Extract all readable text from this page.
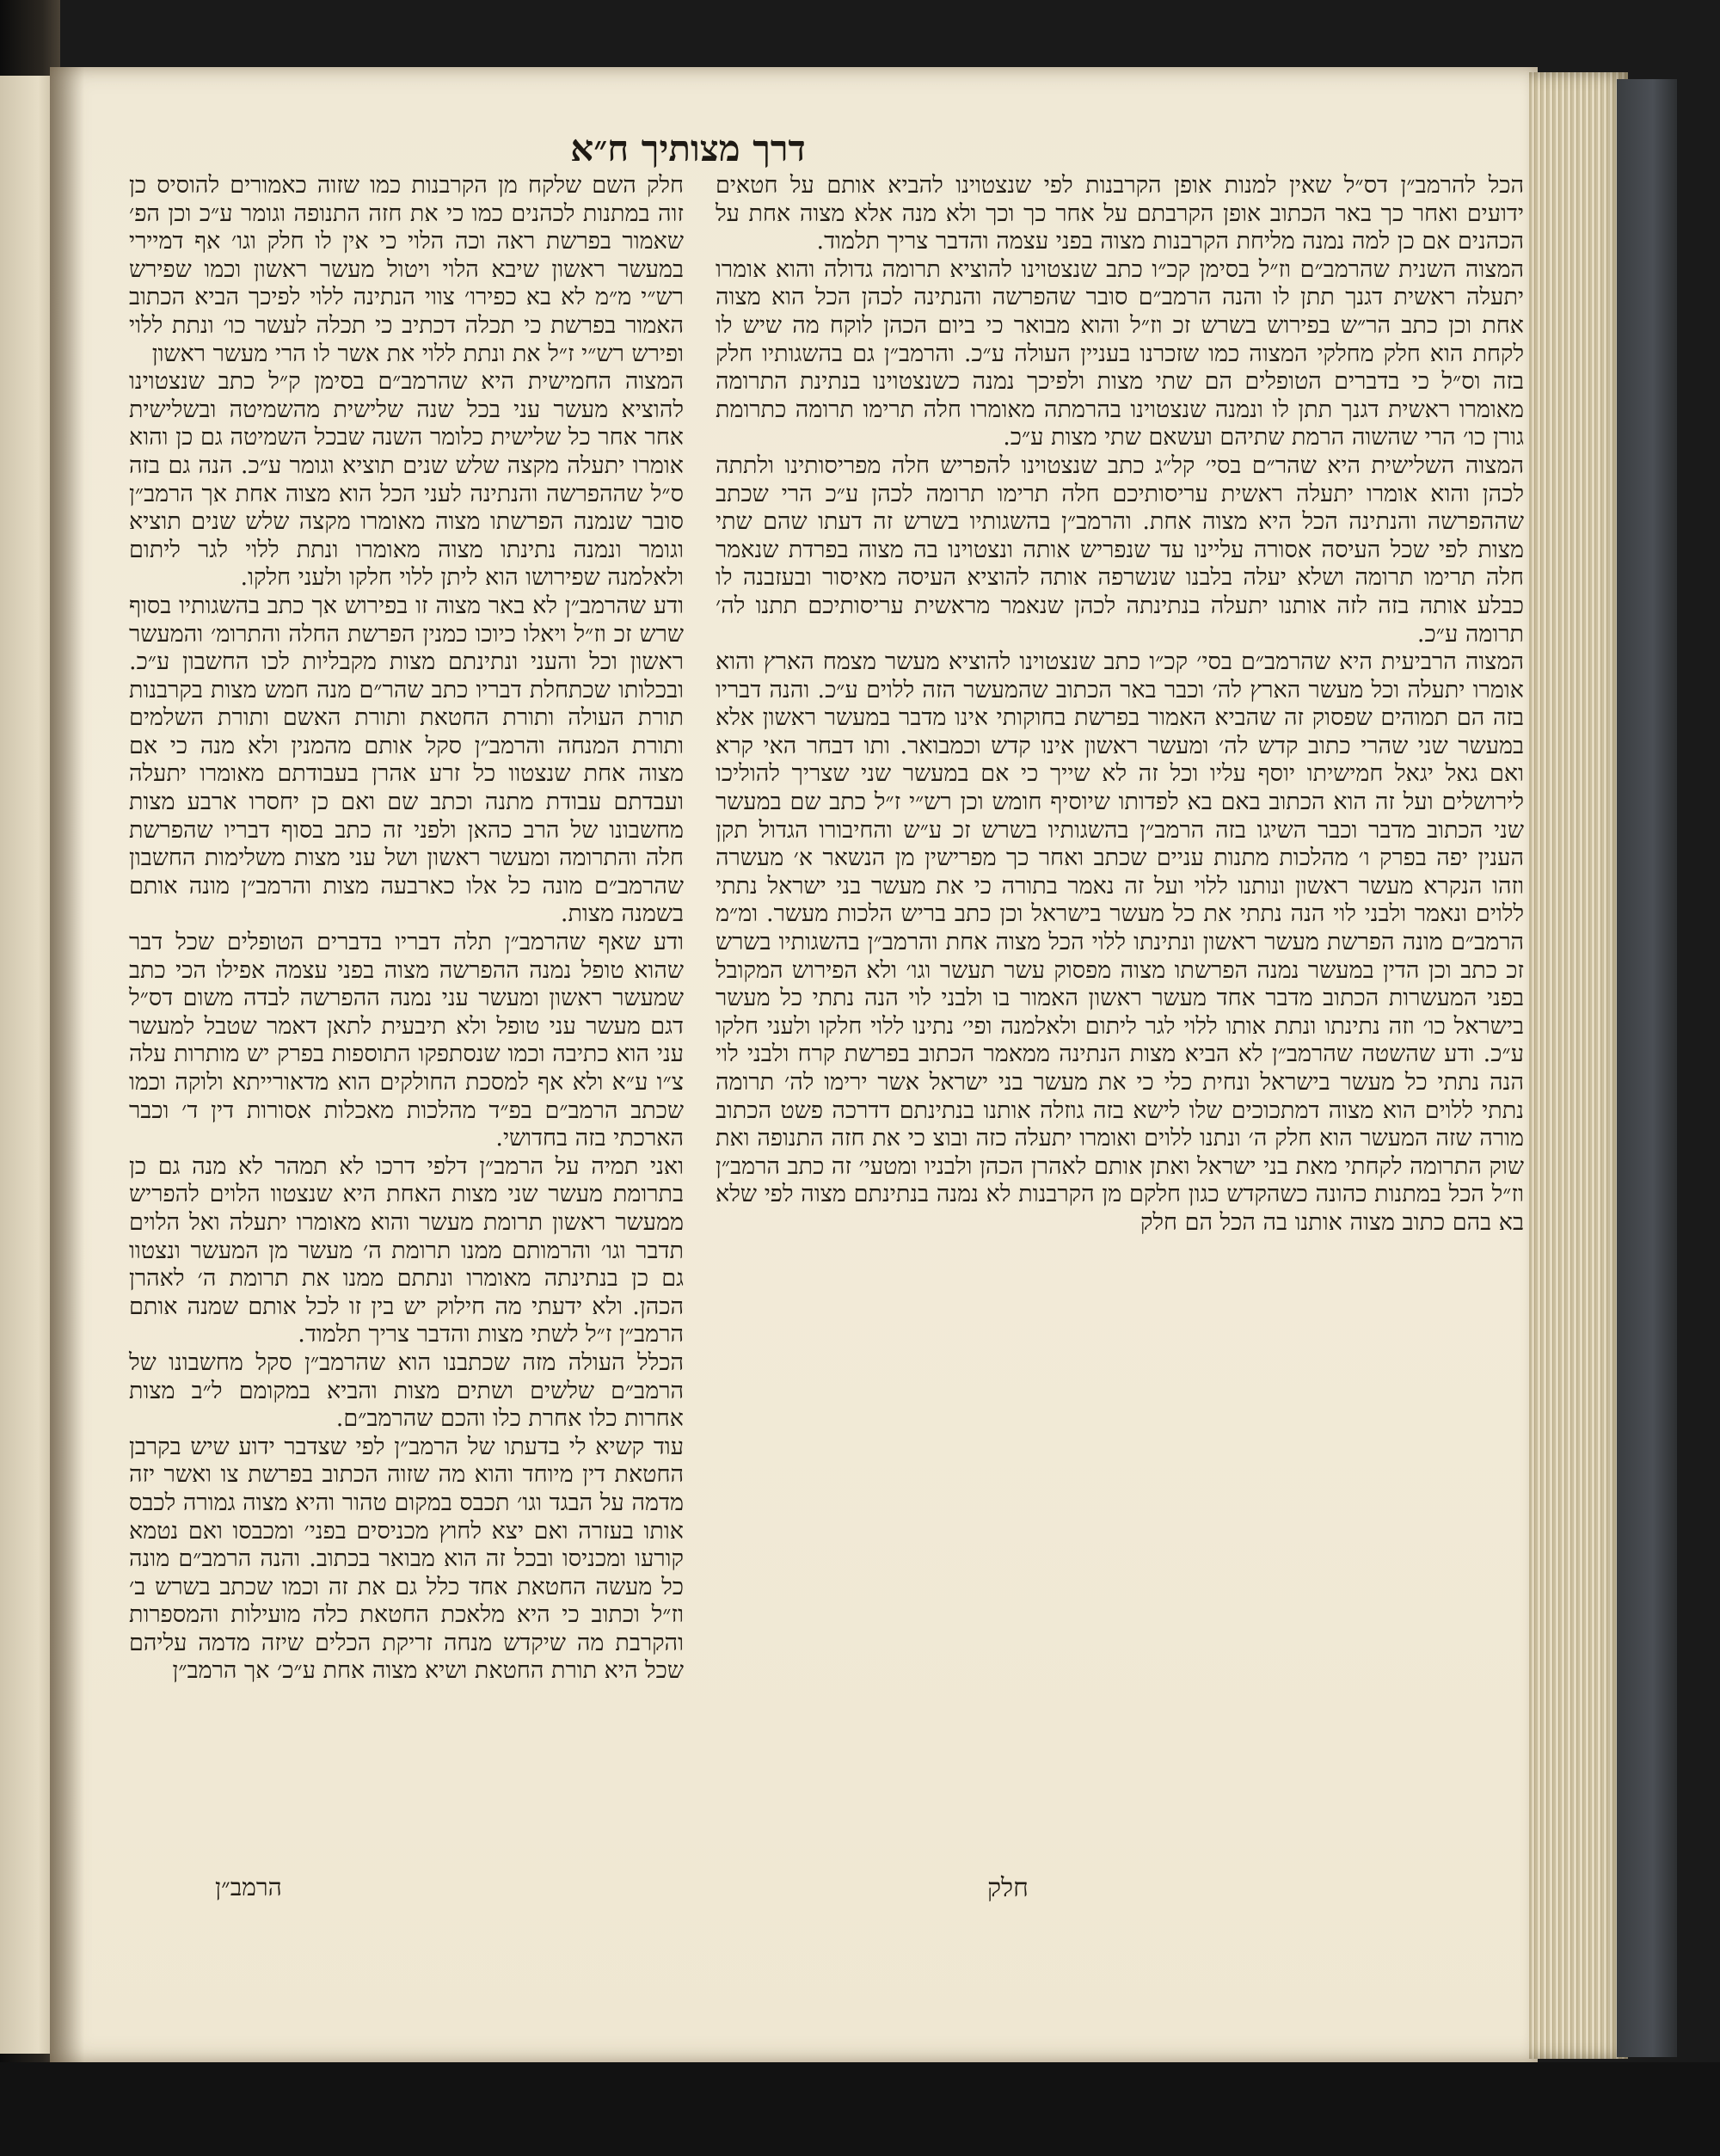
דרך מצותיך ח״א

הכל להרמב״ן דס״ל שאין למנות אופן הקרבנות לפי שנצטוינו להביא אותם על חטאים ידועים ואחר כך באר הכתוב אופן הקרבתם על אחר כך וכך ולא מנה אלא מצוה אחת על הכהנים אם כן למה נמנה מליחת הקרבנות מצוה בפני עצמה והדבר צריך תלמוד.

המצוה השנית שהרמב״ם וז״ל בסימן קכ״ו כתב שנצטוינו להוציא תרומה גדולה והוא אומרו יתעלה ראשית דגנך תתן לו והנה הרמב״ם סובר שהפרשה והנתינה לכהן הכל הוא מצוה אחת וכן כתב הר״ש בפירוש בשרש זכ וז״ל והוא מבואר כי ביום הכהן לוקח מה שיש לו לקחת הוא חלק מחלקי המצוה כמו שזכרנו בעניין העולה ע״כ. והרמב״ן גם בהשגותיו חלק בזה וס״ל כי בדברים הטופלים הם שתי מצות ולפיכך נמנה כשנצטוינו בנתינת התרומה מאומרו ראשית דגנך תתן לו ונמנה שנצטוינו בהרמתה מאומרו חלה תרימו תרומה כתרומת גורן כו׳ הרי שהשוה הרמת שתיהם ועשאם שתי מצות ע״כ.

המצוה השלישית היא שהר״ם בסי׳ קל״ג כתב שנצטוינו להפריש חלה מפריסותינו ולתתה לכהן והוא אומרו יתעלה ראשית עריסותיכם חלה תרימו תרומה לכהן ע״כ הרי שכתב שההפרשה והנתינה הכל היא מצוה אחת. והרמב״ן בהשגותיו בשרש זה דעתו שהם שתי מצות לפי שכל העיסה אסורה עליינו עד שנפריש אותה ונצטוינו בה מצוה בפרדת שנאמר חלה תרימו תרומה ושלא יעלה בלבנו שנשרפה אותה להוציא העיסה מאיסור ובעזבנה לו כבלע אותה בזה לזה אותנו יתעלה בנתינתה לכהן שנאמר מראשית עריסותיכם תתנו לה׳ תרומה ע״כ.

המצוה הרביעית היא שהרמב״ם בסי׳ קכ״ו כתב שנצטוינו להוציא מעשר מצמח הארץ והוא אומרו יתעלה וכל מעשר הארץ לה׳ וכבר באר הכתוב שהמעשר הזה ללוים ע״כ. והנה דבריו בזה הם תמוהים שפסוק זה שהביא האמור בפרשת בחוקותי אינו מדבר במעשר ראשון אלא במעשר שני שהרי כתוב קדש לה׳ ומעשר ראשון אינו קדש וכמבואר. ותו דבחר האי קרא ואם גאל יגאל חמישיתו יוסף עליו וכל זה לא שייך כי אם במעשר שני שצריך להוליכו לירושלים ועל זה הוא הכתוב באם בא לפדותו שיוסיף חומש וכן רש״י ז״ל כתב שם במעשר שני הכתוב מדבר וכבר השיגו בזה הרמב״ן בהשגותיו בשרש זכ ע״ש והחיבורו הגדול תקן הענין יפה בפרק ו׳ מהלכות מתנות עניים שכתב ואחר כך מפרישין מן הנשאר א׳ מעשרה וזהו הנקרא מעשר ראשון ונותנו ללוי ועל זה נאמר בתורה כי את מעשר בני ישראל נתתי ללוים ונאמר ולבני לוי הנה נתתי את כל מעשר בישראל וכן כתב בריש הלכות מעשר. ומ״מ הרמב״ם מונה הפרשת מעשר ראשון ונתינתו ללוי הכל מצוה אחת והרמב״ן בהשגותיו בשרש זכ כתב וכן הדין במעשר נמנה הפרשתו מצוה מפסוק עשר תעשר וגו׳ ולא הפירוש המקובל בפני המעשרות הכתוב מדבר אחד מעשר ראשון האמור בו ולבני לוי הנה נתתי כל מעשר בישראל כו׳ וזה נתינתו ונתת אותו ללוי לגר ליתום ולאלמנה ופי׳ נתינו ללוי חלקו ולעני חלקו ע״כ. ודע שהשטה שהרמב״ן לא הביא מצות הנתינה ממאמר הכתוב בפרשת קרח ולבני לוי הנה נתתי כל מעשר בישראל ונחית כלי כי את מעשר בני ישראל אשר ירימו לה׳ תרומה נתתי ללוים הוא מצוה דמתכוכים שלו לישא בזה גוזלה אותנו בנתינתם דדרכה פשט הכתוב מורה שזה המעשר הוא חלק ה׳ ונתנו ללוים ואומרו יתעלה כזה ובוצ כי את חזה התנופה ואת שוק התרומה לקחתי מאת בני ישראל ואתן אותם לאהרן הכהן ולבניו ומטעי׳ זה כתב הרמב״ן וז״ל הכל במתנות כהונה כשהקדש כגון חלקם מן הקרבנות לא נמנה בנתינתם מצוה לפי שלא בא בהם כתוב מצוה אותנו בה הכל הם חלק

חלק השם שלקח מן הקרבנות כמו שזוה כאמורים להוסיס כן זוה במתנות לכהנים כמו כי את חזה התנופה וגומר ע״כ וכן הפ׳ שאמור בפרשת ראה וכה הלוי כי אין לו חלק וגו׳ אף דמיירי במעשר ראשון שיבא הלוי ויטול מעשר ראשון וכמו שפירש רש״י מ״מ לא בא כפירו׳ צווי הנתינה ללוי לפיכך הביא הכתוב האמור בפרשת כי תכלה דכתיב כי תכלה לעשר כו׳ ונתת ללוי ופירש רש״י ז״ל את ונתת ללוי את אשר לו הרי מעשר ראשון

המצוה החמישית היא שהרמב״ם בסימן ק״ל כתב שנצטוינו להוציא מעשר עני בכל שנה שלישית מהשמיטה ובשלישית אחר אחר כל שלישית כלומר השנה שבכל השמיטה גם כן והוא אומרו יתעלה מקצה שלש שנים תוציא וגומר ע״כ. הנה גם בזה ס״ל שההפרשה והנתינה לעני הכל הוא מצוה אחת אך הרמב״ן סובר שנמנה הפרשתו מצוה מאומרו מקצה שלש שנים תוציא וגומר ונמנה נתינתו מצוה מאומרו ונתת ללוי לגר ליתום ולאלמנה שפירושו הוא ליתן ללוי חלקו ולעני חלקו.

ודע שהרמב״ן לא באר מצוה זו בפירוש אך כתב בהשגותיו בסוף שרש זכ וז״ל ויאלו כיוכו כמנין הפרשת החלה והתרומ׳ והמעשר ראשון וכל והעני ונתינתם מצות מקבליות לכו החשבון ע״כ. ובכלותו שכתחלת דבריו כתב שהר״ם מנה חמש מצות בקרבנות תורת העולה ותורת החטאת ותורת האשם ותורת השלמים ותורת המנחה והרמב״ן סקל אותם מהמנין ולא מנה כי אם מצוה אחת שנצטוו כל זרע אהרן בעבודתם מאומרו יתעלה ועבדתם עבודת מתנה וכתב שם ואם כן יחסרו ארבע מצות מחשבונו של הרב כהאן ולפני זה כתב בסוף דבריו שהפרשת חלה והתרומה ומעשר ראשון ושל עני מצות משלימות החשבון שהרמב״ם מונה כל אלו כארבעה מצות והרמב״ן מונה אותם בשמנה מצות.

ודע שאף שהרמב״ן תלה דבריו בדברים הטופלים שכל דבר שהוא טופל נמנה ההפרשה מצוה בפני עצמה אפילו הכי כתב שמעשר ראשון ומעשר עני נמנה ההפרשה לבדה משום דס״ל דגם מעשר עני טופל ולא תיבעית לתאן דאמר שטבל למעשר עני הוא כתיבה וכמו שנסתפקו התוספות בפרק יש מותרות עלה צ״ו ע״א ולא אף למסכת החולקים הוא מדאורייתא ולוקה וכמו שכתב הרמב״ם בפ״ד מהלכות מאכלות אסורות דין ד׳ וכבר הארכתי בזה בחדושי.

ואני תמיה על הרמב״ן דלפי דרכו לא תמהר לא מנה גם כן בתרומת מעשר שני מצות האחת היא שנצטוו הלוים להפריש ממעשר ראשון תרומת מעשר והוא מאומרו יתעלה ואל הלוים תדבר וגו׳ והרמותם ממנו תרומת ה׳ מעשר מן המעשר ונצטוו גם כן בנתינתה מאומרו ונתתם ממנו את תרומת ה׳ לאהרן הכהן. ולא ידעתי מה חילוק יש בין זו לכל אותם שמנה אותם הרמב״ן ז״ל לשתי מצות והדבר צריך תלמוד.

הכלל העולה מזה שכתבנו הוא שהרמב״ן סקל מחשבונו של הרמב״ם שלשים ושתים מצות והביא במקומם ל״ב מצות אחרות כלו אחרת כלו והכם שהרמב״ם.

עוד קשיא לי בדעתו של הרמב״ן לפי שצדבר ידוע שיש בקרבן החטאת דין מיוחד והוא מה שזוה הכתוב בפרשת צו ואשר יזה מדמה על הבגד וגו׳ תכבס במקום טהור והיא מצוה גמורה לכבס אותו בעזרה ואם יצא לחוץ מכניסים בפני׳ ומכבסו ואם נטמא קורעו ומכניסו ובכל זה הוא מבואר בכתוב. והנה הרמב״ם מונה כל מעשה החטאת אחד כלל גם את זה וכמו שכתב בשרש ב׳ וז״ל וכתוב כי היא מלאכת החטאת כלה מועילות והמספרות והקרבת מה שיקדש מנחה זריקת הכלים שיזה מדמה עליהם שכל היא תורת החטאת ושיא מצוה אחת ע״כ׳ אך הרמב״ן

חלק
הרמב״ן
